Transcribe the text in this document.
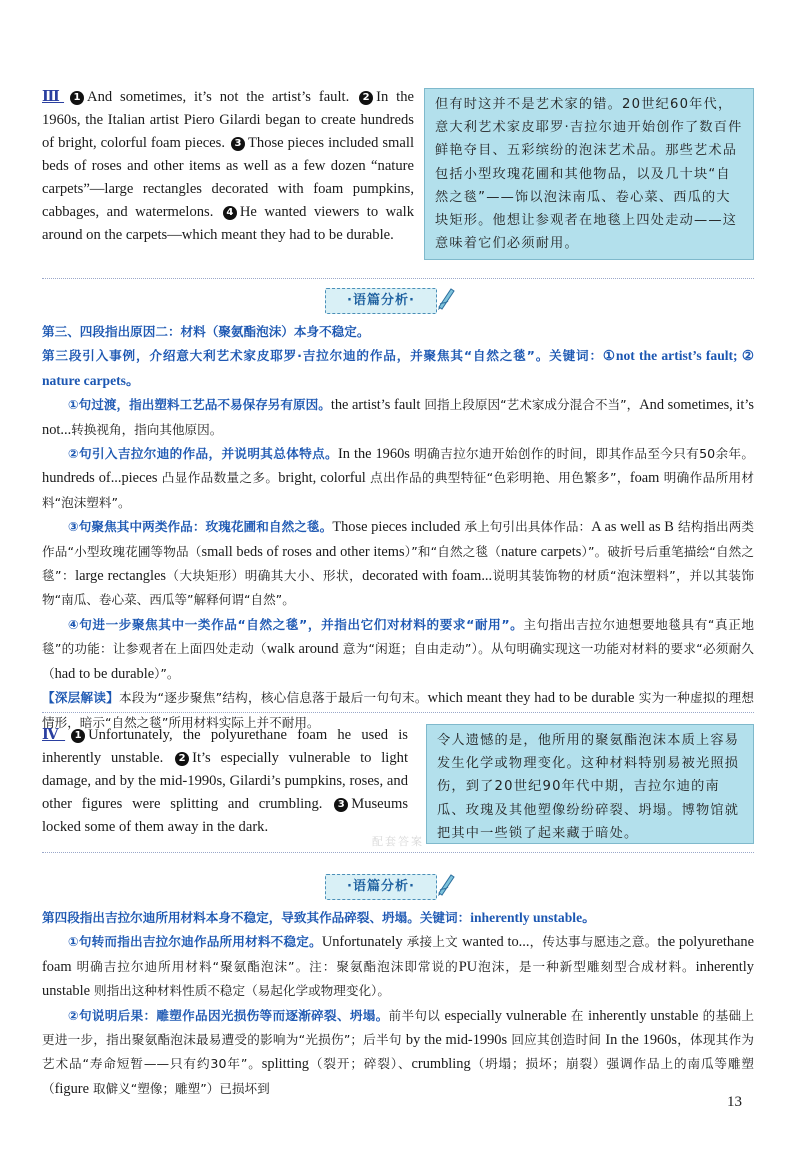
Ⅲ 1 And sometimes, it’s not the artist’s fault. 2 In the 1960s, the Italian artist Piero Gilardi began to create hundreds of bright, colorful foam pieces. 3 Those pieces included small beds of roses and other items as well as a few dozen “nature carpets”—large rectangles decorated with foam pumpkins, cabbages, and watermelons. 4 He wanted viewers to walk around on the carpets—which meant they had to be durable.
但有时这并不是艺术家的错。20世纪60年代，意大利艺术家皮耶罗·吉拉尔迪开始创作了数百件鲜艳夺目、五彩缤纷的泡沫艺术品。那些艺术品包括小型玫瑰花圃和其他物品，以及几十块“自然之毯”——饰以泡沫南瓜、卷心菜、西瓜的大块矩形。他想让参观者在地毯上四处走动——这意味着它们必须耐用。
·语篇分析·

第三、四段指出原因二：材料（聚氨酯泡沫）本身不稳定。

第三段引入事例，介绍意大利艺术家皮耶罗·吉拉尔迪的作品，并聚焦其“自然之毯”。关键词：①not the artist’s fault; ② nature carpets。

①句过渡，指出塑料工艺品不易保存另有原因。the artist’s fault 回指上段原因“艺术家成分混合不当”，And sometimes, it’s not...转换视角，指向其他原因。

②句引入吉拉尔迪的作品，并说明其总体特点。In the 1960s 明确吉拉尔迪开始创作的时间，即其作品至今只有50余年。hundreds of...pieces 凸显作品数量之多。bright, colorful 点出作品的典型特征“色彩明艳、用色繁多”，foam 明确作品所用材料“泡沫塑料”。

③句聚焦其中两类作品：玫瑰花圃和自然之毯。Those pieces included 承上句引出具体作品：A as well as B 结构指出两类作品“小型玫瑰花圃等物品（small beds of roses and other items）”和“自然之毯（nature carpets）”。破折号后重笔描绘“自然之毯”：large rectangles（大块矩形）明确其大小、形状，decorated with foam...说明其装饰物的材质“泡沫塑料”，并以其装饰物“南瓜、卷心菜、西瓜等”解释何谓“自然”。

④句进一步聚焦其中一类作品“自然之毯”，并指出它们对材料的要求“耐用”。主句指出吉拉尔迪想要地毯具有“真正地毯”的功能：让参观者在上面四处走动（walk around 意为“闲逛；自由走动”）。从句明确实现这一功能对材料的要求“必须耐久（had to be durable）”。

【深层解读】本段为“逐步聚焦”结构，核心信息落于最后一句句末。which meant they had to be durable 实为一种虚拟的理想情形，暗示“自然之毯”所用材料实际上并不耐用。

Ⅳ 1 Unfortunately, the polyurethane foam he used is inherently unstable. 2 It’s especially vulnerable to light damage, and by the mid-1990s, Gilardi’s pumpkins, roses, and other figures were splitting and crumbling. 3 Museums locked some of them away in the dark.
令人遗憾的是，他所用的聚氨酯泡沫本质上容易发生化学或物理变化。这种材料特别易被光照损伤，到了20世纪90年代中期，吉拉尔迪的南瓜、玫瑰及其他塑像纷纷碎裂、坍塌。博物馆就把其中一些锁了起来藏于暗处。
配套答案
·语篇分析·

第四段指出吉拉尔迪所用材料本身不稳定，导致其作品碎裂、坍塌。关键词：inherently unstable。

①句转而指出吉拉尔迪作品所用材料不稳定。Unfortunately 承接上文 wanted to...，传达事与愿违之意。the polyurethane foam 明确吉拉尔迪所用材料“聚氨酯泡沫”。注：聚氨酯泡沫即常说的PU泡沫，是一种新型雕刻型合成材料。inherently unstable 则指出这种材料性质不稳定（易起化学或物理变化）。

②句说明后果：雕塑作品因光损伤等而逐渐碎裂、坍塌。前半句以 especially vulnerable 在 inherently unstable 的基础上更进一步，指出聚氨酯泡沫最易遭受的影响为“光损伤”；后半句 by the mid-1990s 回应其创造时间 In the 1960s，体现其作为艺术品“寿命短暂——只有约30年”。splitting（裂开；碎裂）、crumbling（坍塌；损坏；崩裂）强调作品上的南瓜等雕塑（figure 取僻义“塑像；雕塑”）已损坏到

13
